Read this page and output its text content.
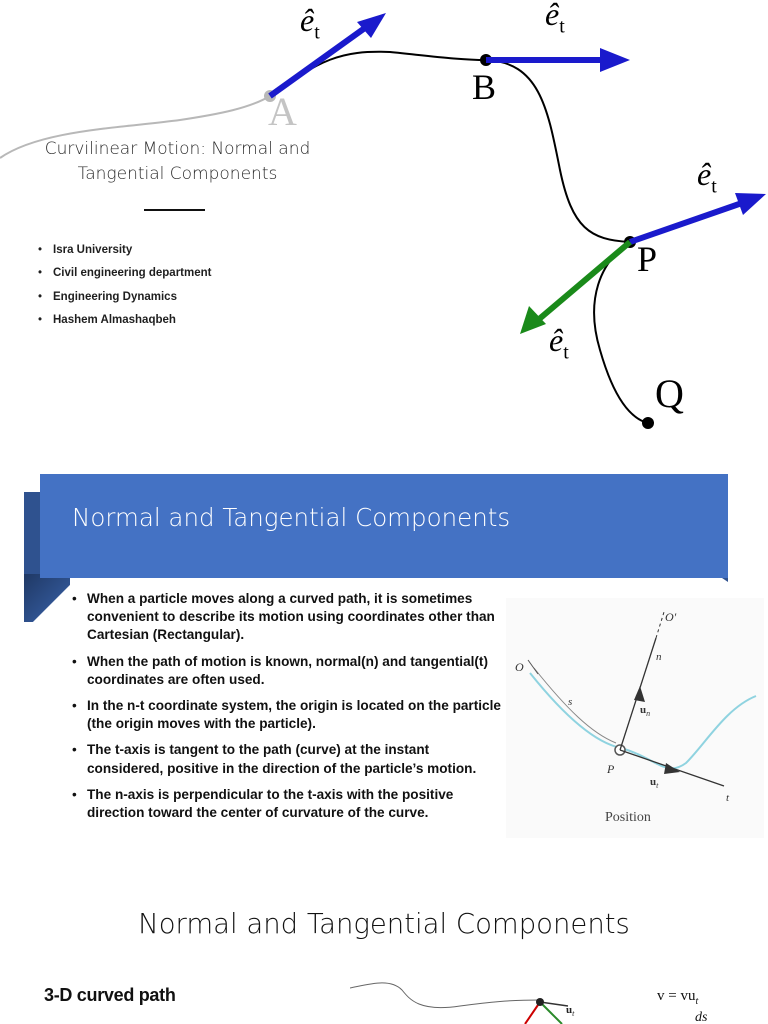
A
B
P
Q
$ê_t$
$ê_t$
$ê_t$
$ê_t$
Curvilinear Motion: Normal and Tangential Components
• Isra University
• Civil engineering department
• Engineering Dynamics
• Hashem Almashaqbeh
Normal and Tangential Components
• When a particle moves along a curved path, it is sometimes convenient to describe its motion using coordinates other than Cartesian (Rectangular).
• When the path of motion is known, normal(n) and tangential(t) coordinates are often used.
• In the n-t coordinate system, the origin is located on the particle (the origin moves with the particle).
• The t-axis is tangent to the path (curve) at the instant considered, positive in the direction of the particle’s motion.
• The n-axis is perpendicular to the t-axis with the positive direction toward the center of curvature of the curve.
O
O′
n
s
$u_n$
P
$u_t$
t
Position
Normal and Tangential Components
3-D curved path
$u_t$
$v = vu_t$
ds
